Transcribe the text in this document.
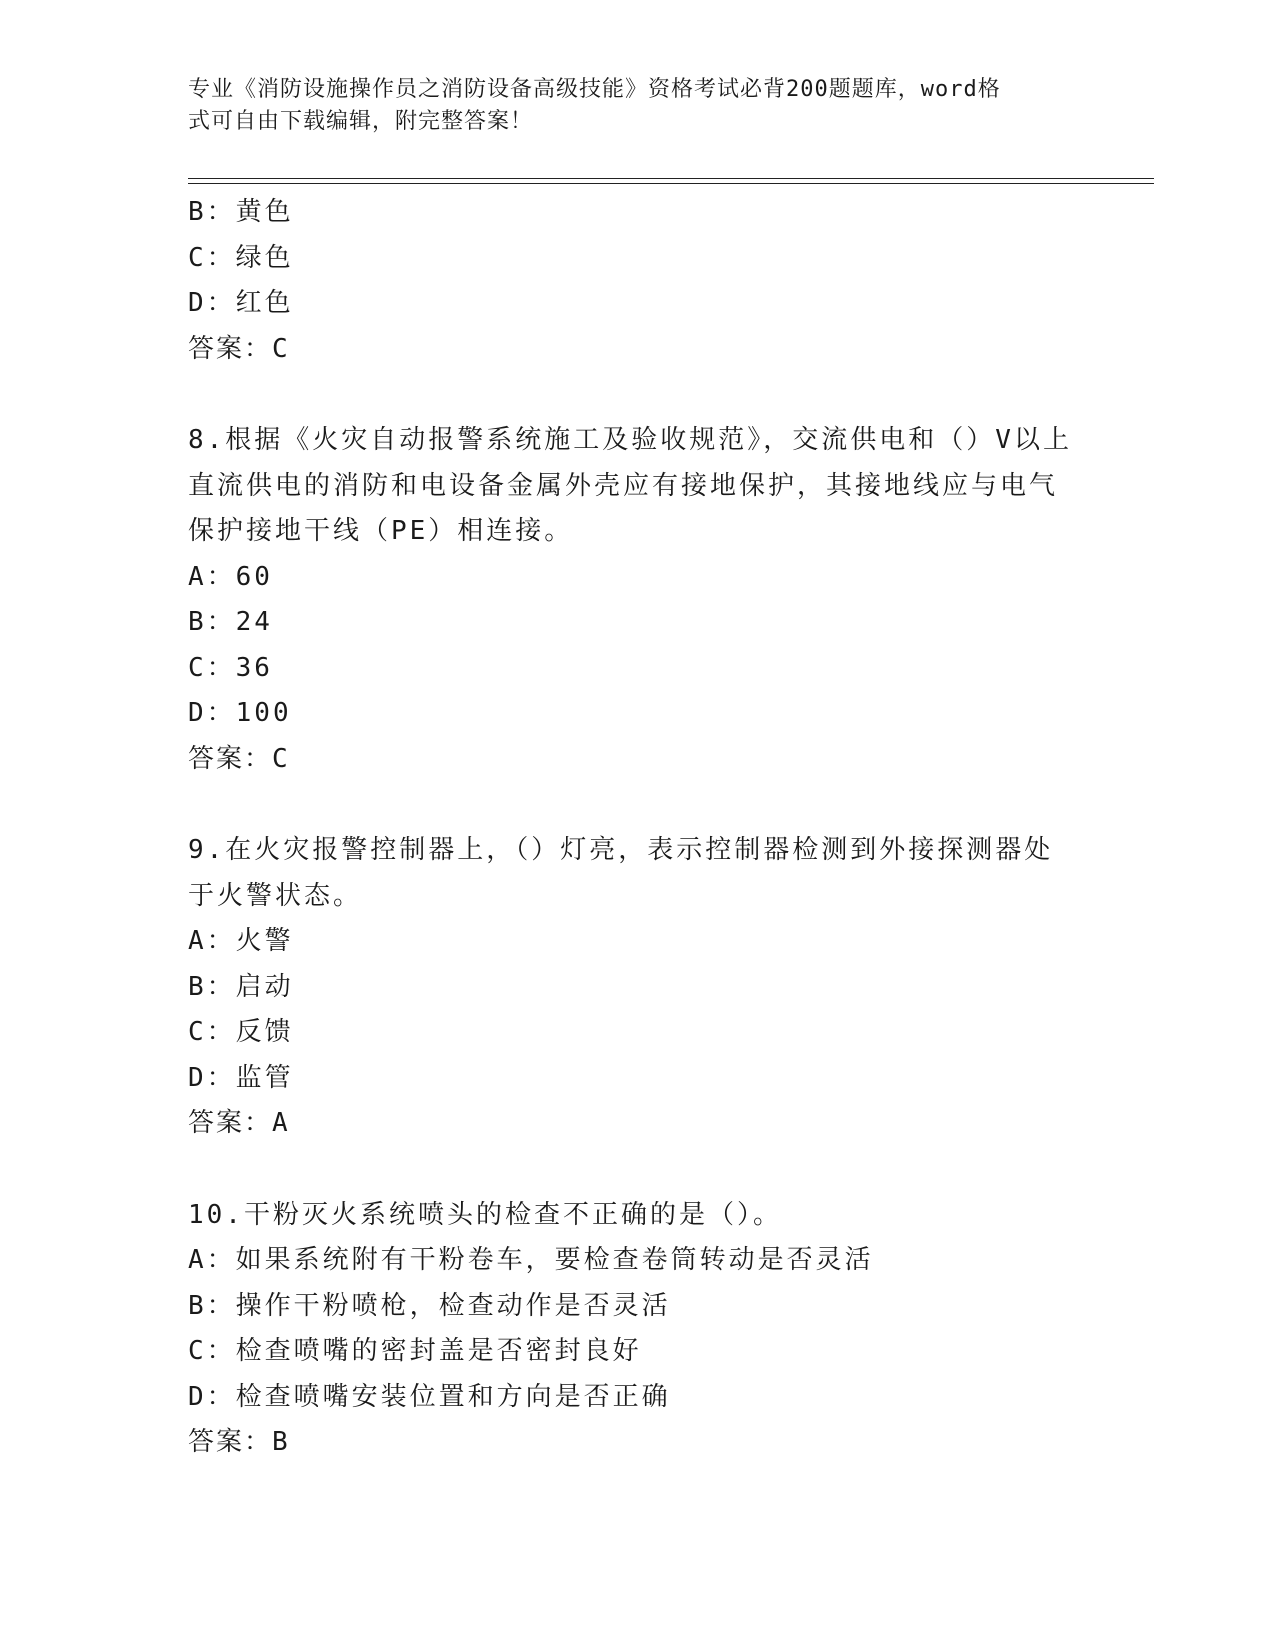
专业《消防设施操作员之消防设备高级技能》资格考试必背200题题库，word格
式可自由下载编辑，附完整答案！
B：黄色
C：绿色
D：红色
答案：C
8.根据《火灾自动报警系统施工及验收规范》，交流供电和（）V以上
直流供电的消防和电设备金属外壳应有接地保护，其接地线应与电气
保护接地干线（PE）相连接。
A：60
B：24
C：36
D：100
答案：C
9.在火灾报警控制器上，（）灯亮，表示控制器检测到外接探测器处
于火警状态。
A：火警
B：启动
C：反馈
D：监管
答案：A
10.干粉灭火系统喷头的检查不正确的是（）。
A：如果系统附有干粉卷车，要检查卷筒转动是否灵活
B：操作干粉喷枪，检查动作是否灵活
C：检查喷嘴的密封盖是否密封良好
D：检查喷嘴安装位置和方向是否正确
答案：B
